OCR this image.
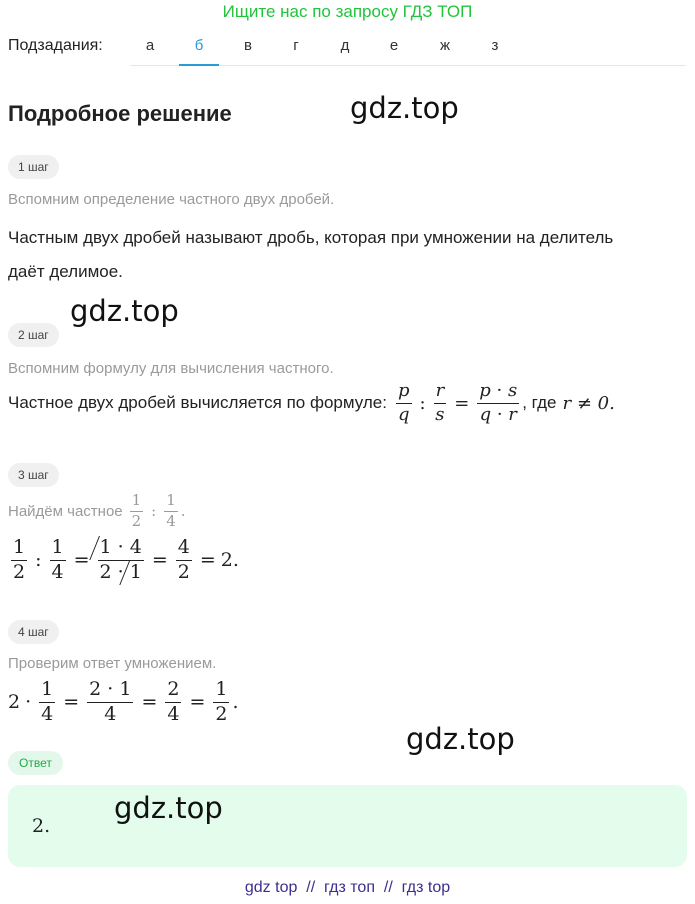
Ищите нас по запросу ГДЗ ТОП
Подзадания:	а	б	в	г	д	е	ж	з
Подробное решение	gdz.top
gdz.top
gdz.top
gdz.top
1 шаг
Вспомним определение частного двух дробей.
Частным двух дробей называют дробь, которая при умножении на делитель
даёт делимое.
2 шаг
Вспомним формулу для вычисления частного.
Частное двух дробей вычисляется по формуле: $\frac{p}{q}$ : $\frac{r}{s} = \frac{p \cdot s}{q \cdot r}$ , где r ≠ 0.
3 шаг
Найдём частное $\frac{1}{2}$ : $\frac{1}{4}$ .
$\frac{1}{2}$ : $\frac{1}{4} = \frac{1 \cdot 4}{2 \cdot 1} = \frac{4}{2} = 2$.
4 шаг
Проверим ответ умножением.
$2 \cdot \frac{1}{4} = \frac{2 \cdot 1}{4} = \frac{2}{4} = \frac{1}{2}$ .
Ответ
2.
gdz top  //  гдз топ  //  гдз top
